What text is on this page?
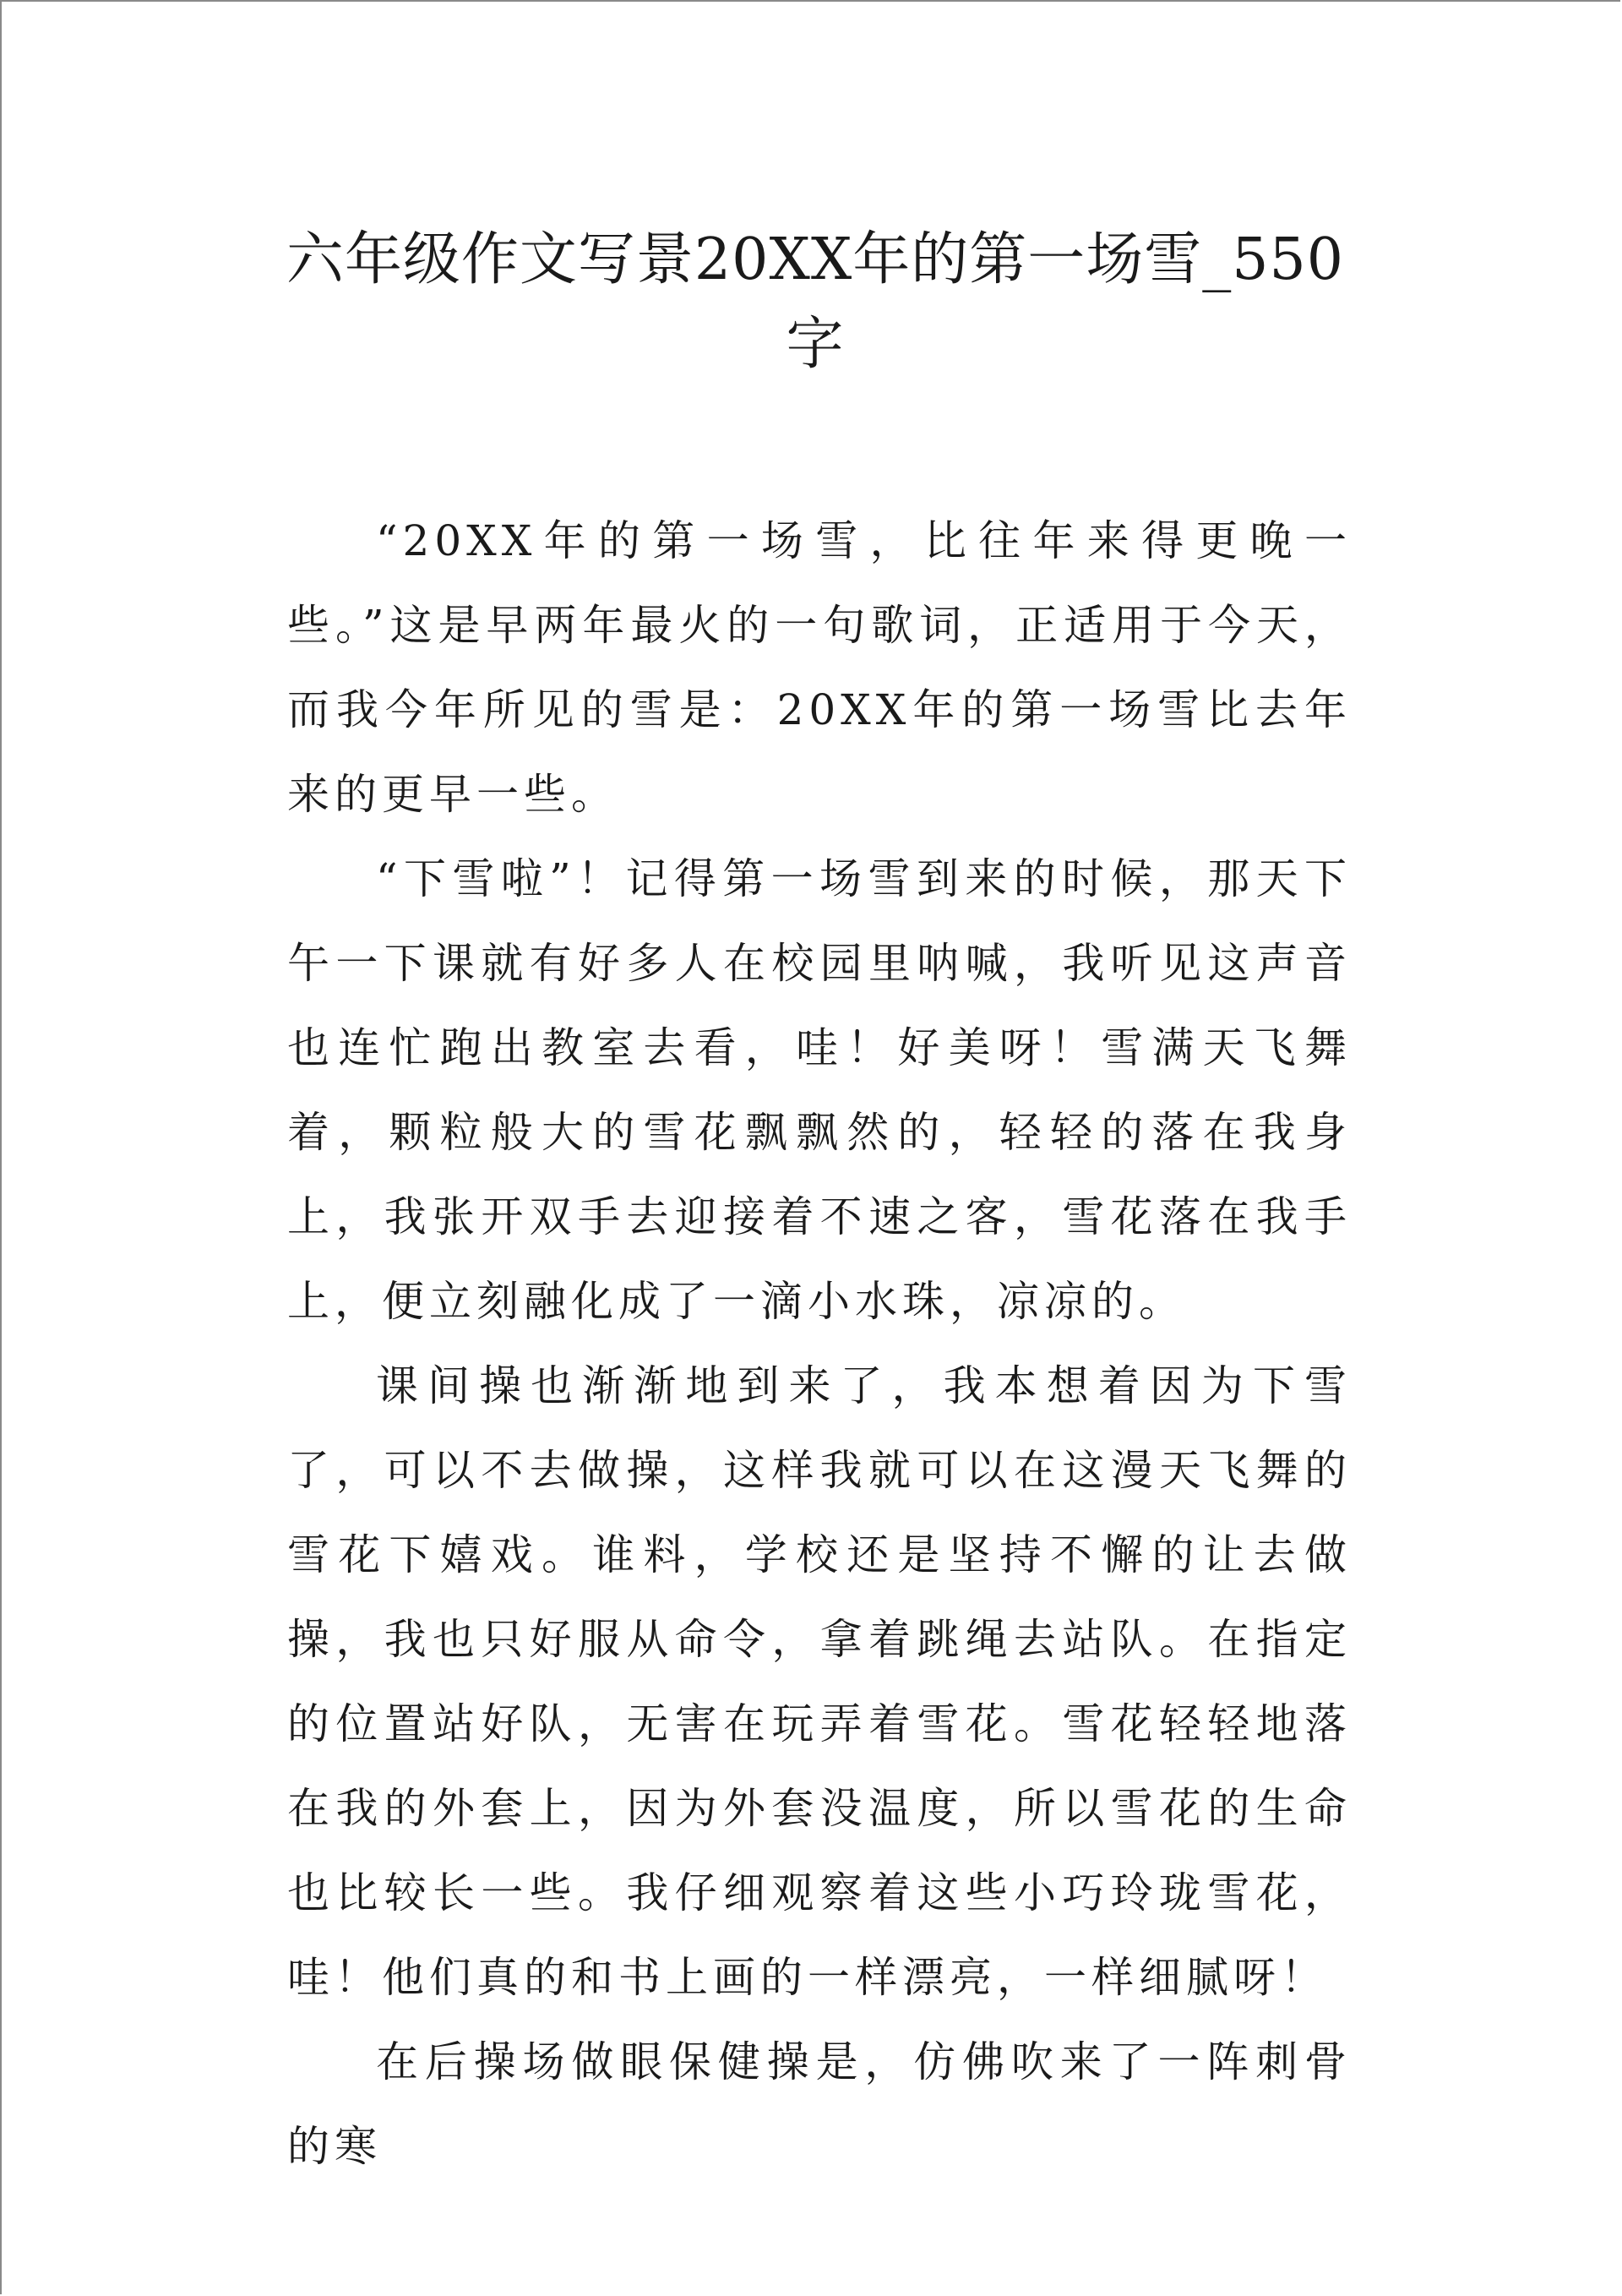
六年级作文写景20XX年的第一场雪_550字

“20XX年的第一场雪，比往年来得更晚一些。”这是早两年最火的一句歌词，正适用于今天，而我今年所见的雪是：20XX年的第一场雪比去年来的更早一些。

“下雪啦”！记得第一场雪到来的时候，那天下午一下课就有好多人在校园里呐喊，我听见这声音也连忙跑出教室去看，哇！好美呀！雪满天飞舞着，颗粒般大的雪花飘飘然的，轻轻的落在我身上，我张开双手去迎接着不速之客，雪花落在我手上，便立刻融化成了一滴小水珠，凉凉的。

课间操也渐渐地到来了，我本想着因为下雪了，可以不去做操，这样我就可以在这漫天飞舞的雪花下嬉戏。谁料，学校还是坚持不懈的让去做操，我也只好服从命令，拿着跳绳去站队。在指定的位置站好队，无害在玩弄着雪花。雪花轻轻地落在我的外套上，因为外套没温度，所以雪花的生命也比较长一些。我仔细观察着这些小巧玲珑雪花，哇！他们真的和书上画的一样漂亮，一样细腻呀！

在后操场做眼保健操是，仿佛吹来了一阵刺骨的寒
